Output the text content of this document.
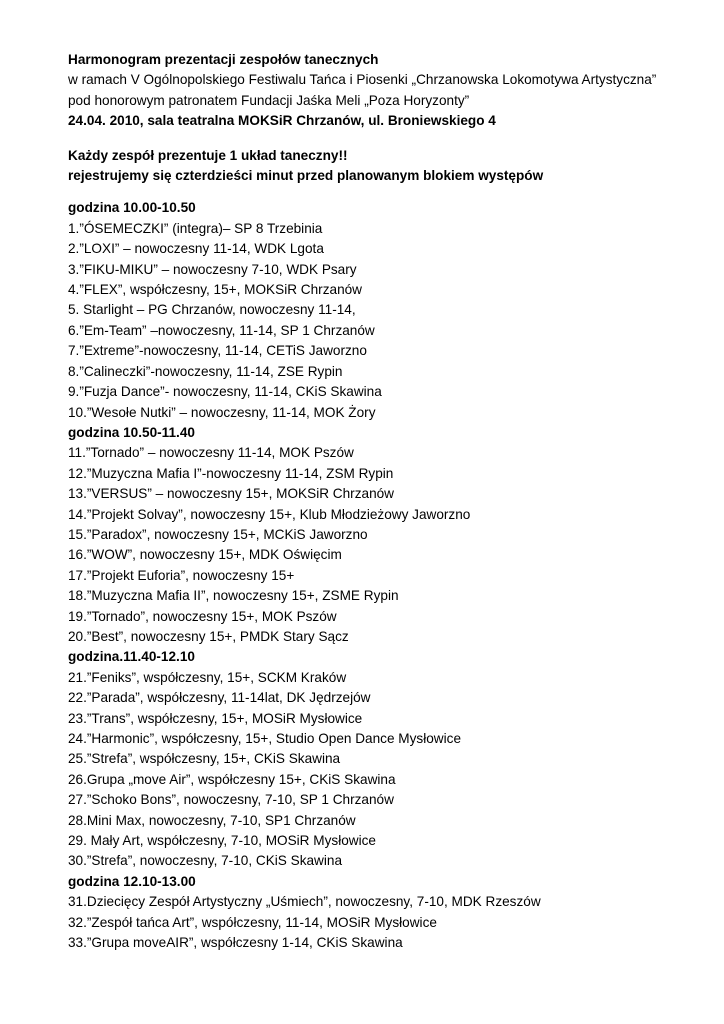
Harmonogram prezentacji zespołów tanecznych
w ramach V Ogólnopolskiego Festiwalu Tańca i Piosenki „Chrzanowska Lokomotywa Artystyczna”
pod honorowym patronatem Fundacji Jaśka Meli „Poza Horyzonty”
24.04. 2010, sala teatralna MOKSiR Chrzanów, ul. Broniewskiego 4
Każdy zespół prezentuje 1 układ taneczny!!
rejestrujemy się czterdzieści minut przed planowanym blokiem występów
godzina 10.00-10.50
1.”ÓSEMECZKI” (integra)– SP 8 Trzebinia
2.”LOXI” – nowoczesny 11-14, WDK Lgota
3.”FIKU-MIKU” – nowoczesny 7-10, WDK Psary
4.”FLEX”, współczesny, 15+, MOKSiR Chrzanów
5. Starlight – PG Chrzanów, nowoczesny 11-14,
6.”Em-Team” –nowoczesny, 11-14, SP 1 Chrzanów
7.”Extreme”-nowoczesny, 11-14, CETiS Jaworzno
8.”Calineczki”-nowoczesny, 11-14, ZSE Rypin
9.”Fuzja Dance”- nowoczesny, 11-14, CKiS Skawina
10.”Wesołe Nutki” – nowoczesny, 11-14, MOK Żory
godzina 10.50-11.40
11.”Tornado” – nowoczesny 11-14, MOK Pszów
12.”Muzyczna Mafia I”-nowoczesny 11-14, ZSM Rypin
13.”VERSUS” – nowoczesny 15+, MOKSiR Chrzanów
14.”Projekt Solvay”, nowoczesny 15+, Klub Młodzieżowy Jaworzno
15.”Paradox”, nowoczesny 15+, MCKiS Jaworzno
16.”WOW”, nowoczesny 15+, MDK Oświęcim
17.”Projekt Euforia”, nowoczesny 15+
18.”Muzyczna Mafia II”, nowoczesny 15+, ZSME Rypin
19.”Tornado”, nowoczesny 15+, MOK Pszów
20.”Best”, nowoczesny 15+, PMDK Stary Sącz
godzina.11.40-12.10
21.”Feniks”, współczesny, 15+, SCKM Kraków
22.”Parada”, współczesny, 11-14lat, DK Jędrzejów
23.”Trans”, współczesny, 15+, MOSiR Mysłowice
24.”Harmonic”, współczesny, 15+, Studio Open Dance Mysłowice
25.”Strefa”, współczesny, 15+, CKiS Skawina
26.Grupa „move Air”, współczesny 15+, CKiS Skawina
27.”Schoko Bons”, nowoczesny, 7-10, SP 1 Chrzanów
28.Mini Max, nowoczesny, 7-10, SP1 Chrzanów
29. Mały Art, współczesny, 7-10, MOSiR Mysłowice
30.”Strefa”, nowoczesny, 7-10, CKiS Skawina
godzina 12.10-13.00
31.Dziecięcy Zespół Artystyczny „Uśmiech”, nowoczesny, 7-10, MDK Rzeszów
32.”Zespół tańca Art”, współczesny, 11-14, MOSiR Mysłowice
33.”Grupa moveAIR”, współczesny 1-14, CKiS Skawina
